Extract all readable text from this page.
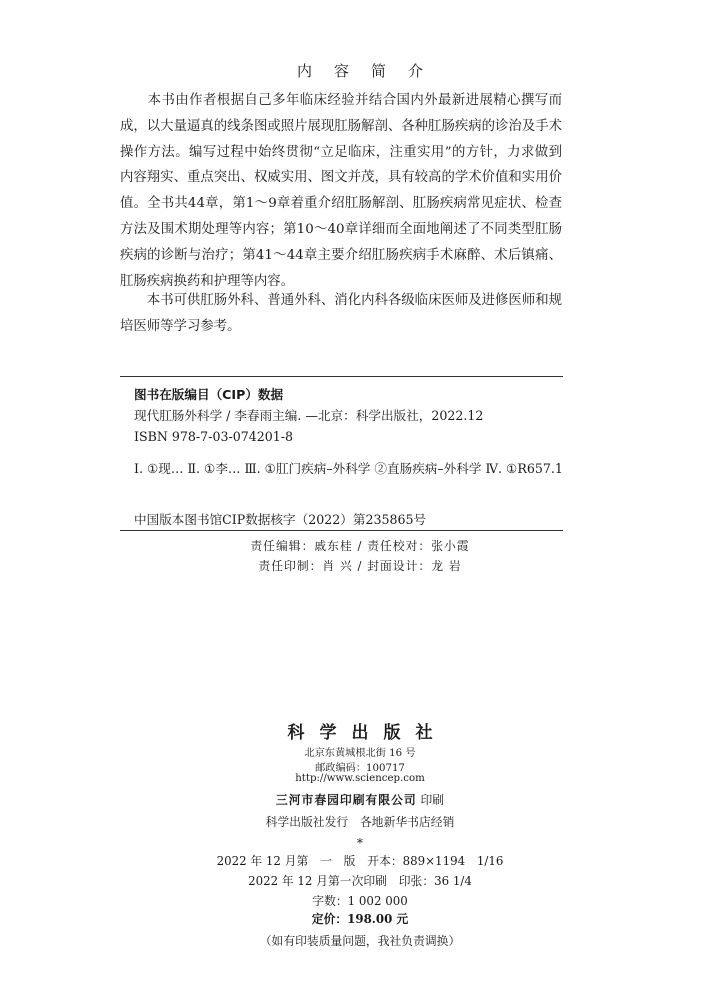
内容简介

　　本书由作者根据自己多年临床经验并结合国内外最新进展精心撰写而成，以大量逼真的线条图或照片展现肛肠解剖、各种肛肠疾病的诊治及手术操作方法。编写过程中始终贯彻“立足临床，注重实用”的方针，力求做到内容翔实、重点突出、权威实用、图文并茂，具有较高的学术价值和实用价值。全书共44章，第1～9章着重介绍肛肠解剖、肛肠疾病常见症状、检查方法及围术期处理等内容；第10～40章详细而全面地阐述了不同类型肛肠疾病的诊断与治疗；第41～44章主要介绍肛肠疾病手术麻醉、术后镇痛、肛肠疾病换药和护理等内容。

　　本书可供肛肠外科、普通外科、消化内科各级临床医师及进修医师和规培医师等学习参考。

图书在版编目（CIP）数据
现代肛肠外科学 / 李春雨主编. —北京：科学出版社，2022.12
ISBN 978-7-03-074201-8
Ⅰ. ①现… Ⅱ. ①李… Ⅲ. ①肛门疾病–外科学 ②直肠疾病–外科学 Ⅳ. ①R657.1
中国版本图书馆CIP数据核字（2022）第235865号
责任编辑：戚东桂 / 责任校对：张小霞
责任印制：肖 兴 / 封面设计：龙 岩
科学出版社
北京东黄城根北街 16 号
邮政编码：100717
http://www.sciencep.com
三河市春园印刷有限公司 印刷
科学出版社发行　各地新华书店经销
*
2022 年 12 月第　一　版　开本：889×1194　1/16
2022 年 12 月第一次印刷　印张：36 1/4
字数：1 002 000
定价：198.00 元
（如有印装质量问题，我社负责调换）
